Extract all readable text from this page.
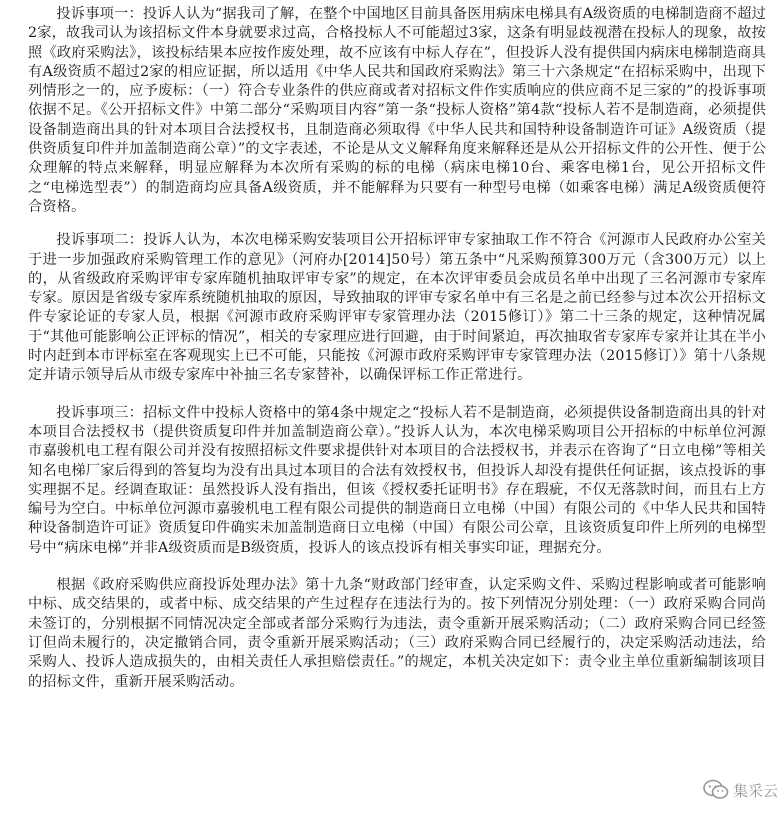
投诉事项一：投诉人认为“据我司了解，在整个中国地区目前具备医用病床电梯具有A级资质的电梯制造商不超过2家，故我司认为该招标文件本身就要求过高，合格投标人不可能超过3家，这条有明显歧视潜在投标人的现象，故按照《政府采购法》，该投标结果本应按作废处理，故不应该有中标人存在”，但投诉人没有提供国内病床电梯制造商具有A级资质不超过2家的相应证据，所以适用《中华人民共和国政府采购法》第三十六条规定“在招标采购中，出现下列情形之一的，应予废标：（一）符合专业条件的供应商或者对招标文件作实质响应的供应商不足三家的”的投诉事项依据不足。《公开招标文件》中第二部分“采购项目内容”第一条“投标人资格”第4款“投标人若不是制造商，必须提供设备制造商出具的针对本项目合法授权书，且制造商必须取得《中华人民共和国特种设备制造许可证》A级资质（提供资质复印件并加盖制造商公章）”的文字表述，不论是从文义解释角度来解释还是从公开招标文件的公开性、便于公众理解的特点来解释，明显应解释为本次所有采购的标的电梯（病床电梯10台、乘客电梯1台，见公开招标文件之“电梯选型表”）的制造商均应具备A级资质，并不能解释为只要有一种型号电梯（如乘客电梯）满足A级资质便符合资格。

投诉事项二：投诉人认为，本次电梯采购安装项目公开招标评审专家抽取工作不符合《河源市人民政府办公室关于进一步加强政府采购管理工作的意见》（河府办[2014]50号）第五条中“凡采购预算300万元（含300万元）以上的，从省级政府采购评审专家库随机抽取评审专家”的规定，在本次评审委员会成员名单中出现了三名河源市专家库专家。原因是省级专家库系统随机抽取的原因，导致抽取的评审专家名单中有三名是之前已经参与过本次公开招标文件专家论证的专家人员，根据《河源市政府采购评审专家管理办法（2015修订）》第二十三条的规定，这种情况属于“其他可能影响公正评标的情况”，相关的专家理应进行回避，由于时间紧迫，再次抽取省专家库专家并让其在半小时内赶到本市评标室在客观现实上已不可能，只能按《河源市政府采购评审专家管理办法（2015修订）》第十八条规定并请示领导后从市级专家库中补抽三名专家替补，以确保评标工作正常进行。

投诉事项三：招标文件中投标人资格中的第4条中规定之“投标人若不是制造商，必须提供设备制造商出具的针对本项目合法授权书（提供资质复印件并加盖制造商公章）。”投诉人认为，本次电梯采购项目公开招标的中标单位河源市嘉骏机电工程有限公司并没有按照招标文件要求提供针对本项目的合法授权书，并表示在咨询了“日立电梯”等相关知名电梯厂家后得到的答复均为没有出具过本项目的合法有效授权书，但投诉人却没有提供任何证据，该点投诉的事实理据不足。经调查取证：虽然投诉人没有指出，但该《授权委托证明书》存在瑕疵，不仅无落款时间，而且右上方编号为空白。中标单位河源市嘉骏机电工程有限公司提供的制造商日立电梯（中国）有限公司的《中华人民共和国特种设备制造许可证》资质复印件确实未加盖制造商日立电梯（中国）有限公司公章，且该资质复印件上所列的电梯型号中“病床电梯”并非A级资质而是B级资质，投诉人的该点投诉有相关事实印证，理据充分。

根据《政府采购供应商投诉处理办法》第十九条“财政部门经审查，认定采购文件、采购过程影响或者可能影响中标、成交结果的，或者中标、成交结果的产生过程存在违法行为的。按下列情况分别处理：（一）政府采购合同尚未签订的，分别根据不同情况决定全部或者部分采购行为违法，责令重新开展采购活动；（二）政府采购合同已经签订但尚未履行的，决定撤销合同，责令重新开展采购活动；（三）政府采购合同已经履行的，决定采购活动违法，给采购人、投诉人造成损失的，由相关责任人承担赔偿责任。”的规定，本机关决定如下：责令业主单位重新编制该项目的招标文件，重新开展采购活动。

集采云
